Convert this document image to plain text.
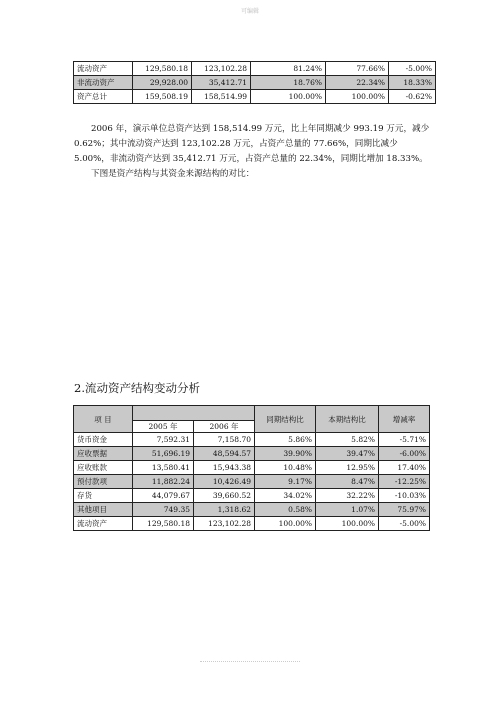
可编辑
流动资产	129,580.18	123,102.28	81.24%	77.66%	-5.00%
非流动资产	29,928.00	35,412.71	18.76%	22.34%	18.33%
资产总计	159,508.19	158,514.99	100.00%	100.00%	-0.62%

2006 年，演示单位总资产达到 158,514.99 万元，比上年同期减少 993.19 万元，减少 0.62%；其中流动资产达到 123,102.28 万元，占资产总量的 77.66%，同期比减少 5.00%，非流动资产达到 35,412.71 万元，占资产总量的 22.34%，同期比增加 18.33%。

下图是资产结构与其资金来源结构的对比：

2.流动资产结构变动分析
项 目			同期结构比	本期结构比	增减率
	2005 年	2006 年			
货币资金	7,592.31	7,158.70	5.86%	5.82%	-5.71%
应收票据	51,696.19	48,594.57	39.90%	39.47%	-6.00%
应收账款	13,580.41	15,943.38	10.48%	12.95%	17.40%
预付款项	11,882.24	10,426.49	9.17%	8.47%	-12.25%
存货	44,079.67	39,660.52	34.02%	32.22%	-10.03%
其他项目	749.35	1,318.62	0.58%	1.07%	75.97%
流动资产	129,580.18	123,102.28	100.00%	100.00%	-5.00%
